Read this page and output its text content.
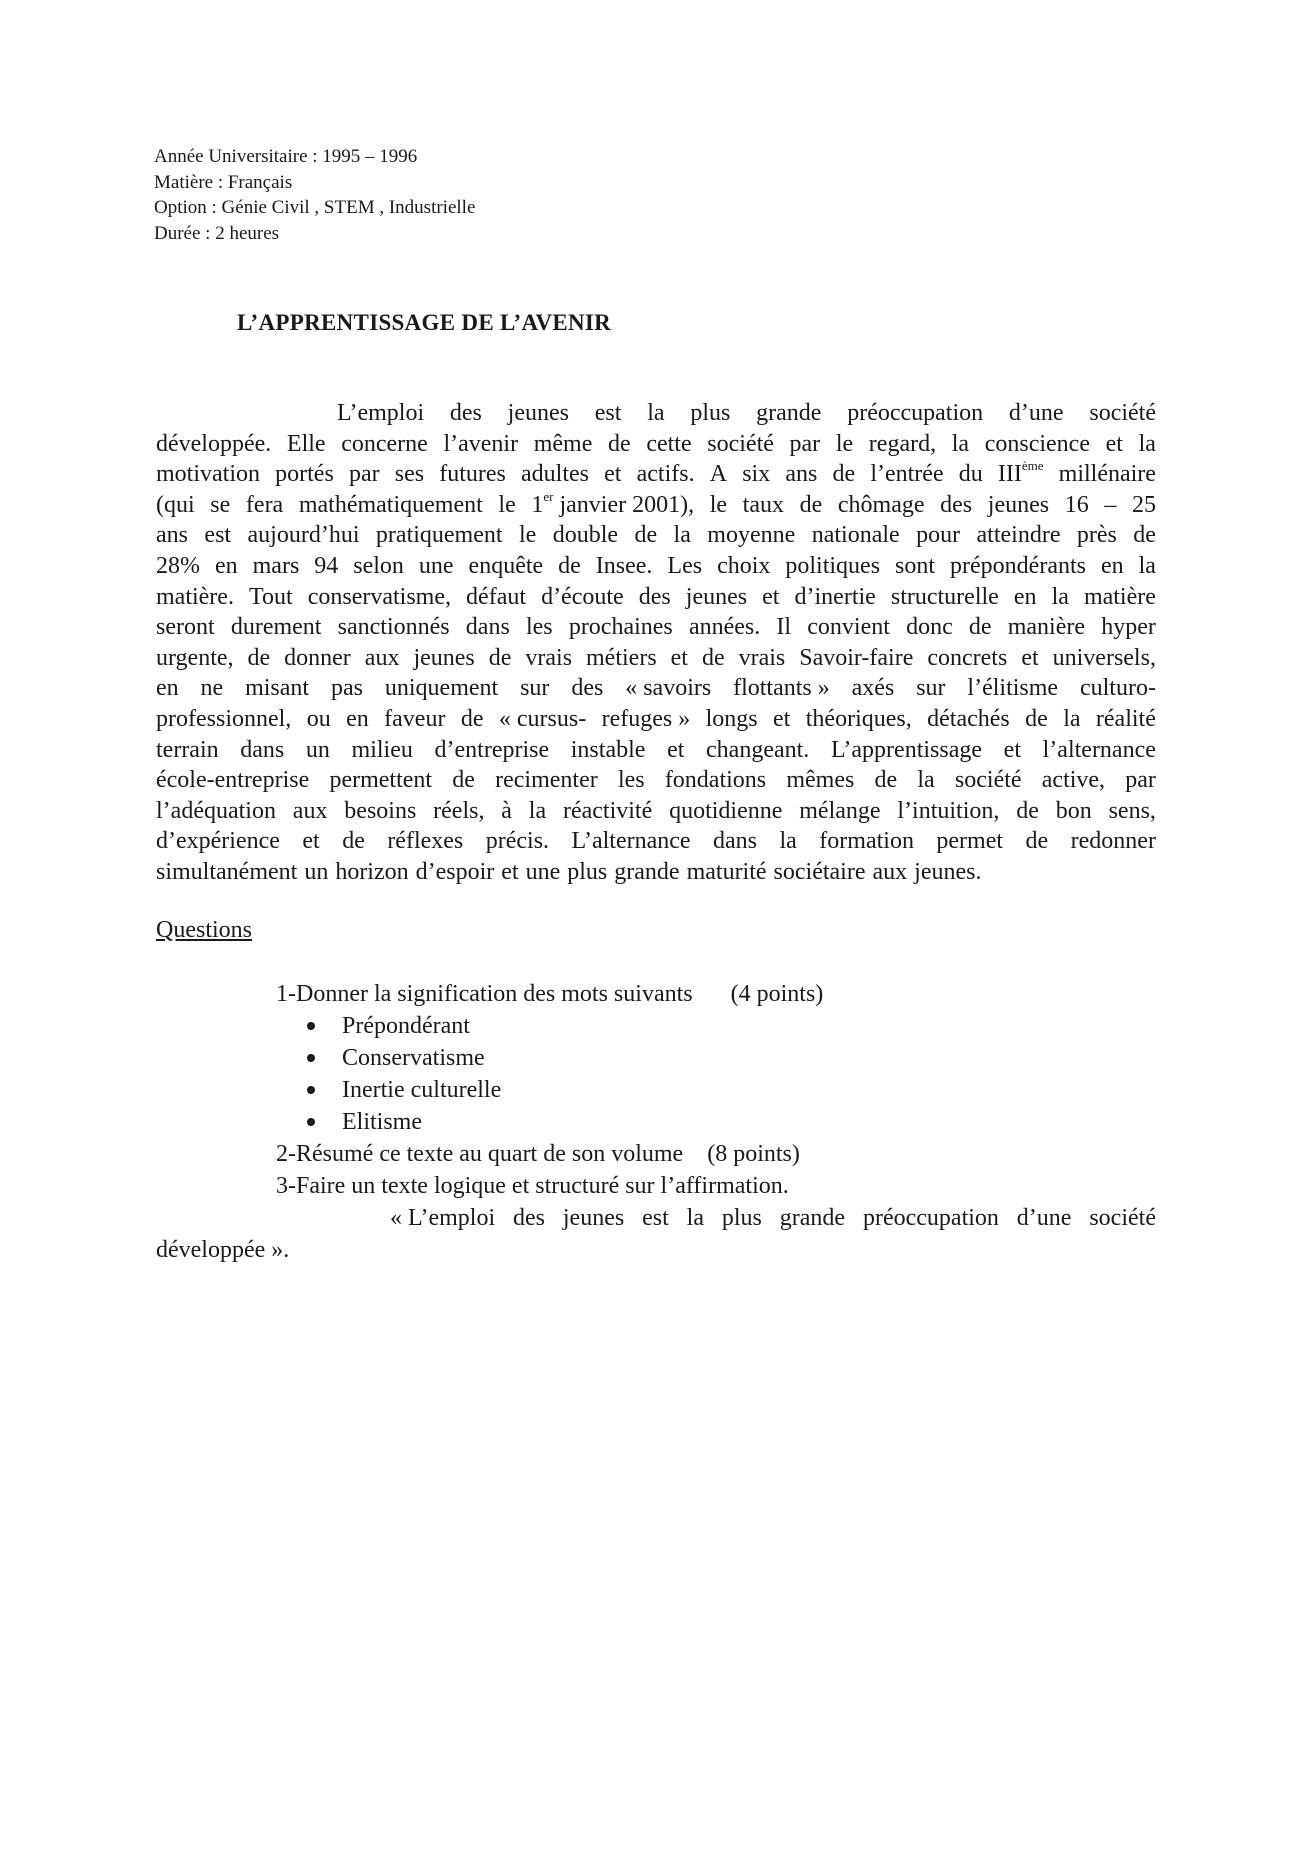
Année Universitaire : 1995 – 1996
Matière : Français
Option : Génie Civil , STEM , Industrielle
Durée : 2 heures
L’APPRENTISSAGE DE L’AVENIR
L’emploi des jeunes est la plus grande préoccupation d’une société
développée. Elle concerne l’avenir même de cette société par le regard, la conscience et la
motivation portés par ses futures adultes et actifs. A six ans de l’entrée du IIIème millénaire
(qui se fera mathématiquement le 1er janvier 2001), le taux de chômage des jeunes 16 – 25
ans est aujourd’hui pratiquement le double de la moyenne nationale pour atteindre près de
28% en mars 94 selon une enquête de Insee. Les choix politiques sont prépondérants en la
matière. Tout conservatisme, défaut d’écoute des jeunes et d’inertie structurelle en la matière
seront durement sanctionnés dans les prochaines années. Il convient donc de manière hyper
urgente, de donner aux jeunes de vrais métiers et de vrais Savoir-faire concrets et universels,
en ne misant pas uniquement sur des « savoirs flottants » axés sur l’élitisme culturo-
professionnel, ou en faveur de « cursus- refuges » longs et théoriques, détachés de la réalité
terrain dans un milieu d’entreprise instable et changeant. L’apprentissage et l’alternance
école-entreprise permettent de recimenter les fondations mêmes de la société active, par
l’adéquation aux besoins réels, à la réactivité quotidienne mélange l’intuition, de bon sens,
d’expérience et de réflexes précis. L’alternance dans la formation permet de redonner
simultanément un horizon d’espoir et une plus grande maturité sociétaire aux jeunes.
Questions
1-Donner la signification des mots suivants (4 points)
Prépondérant
Conservatisme
Inertie culturelle
Elitisme
2-Résumé ce texte au quart de son volume (8 points)
3-Faire un texte logique et structuré sur l’affirmation.
« L’emploi des jeunes est la plus grande préoccupation d’une société
développée ».
